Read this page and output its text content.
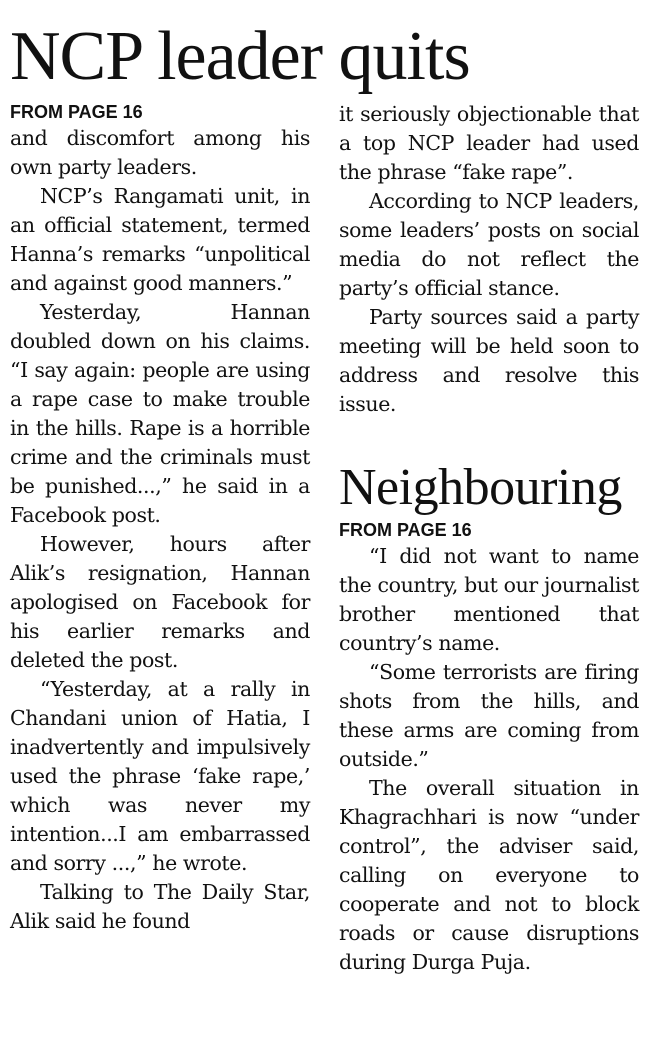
NCP leader quits
FROM PAGE 16

and discomfort among his own party leaders.

NCP’s Rangamati unit, in an official statement, termed Hanna’s remarks “unpolitical and against good manners.”

Yesterday, Hannan doubled down on his claims. “I say again: people are using a rape case to make trouble in the hills. Rape is a horrible crime and the criminals must be punished...,” he said in a Facebook post.

However, hours after Alik’s resignation, Hannan apologised on Facebook for his earlier remarks and deleted the post.

“Yesterday, at a rally in Chandani union of Hatia, I inadvertently and impulsively used the phrase ‘fake rape,’ which was never my intention...I am embarrassed and sorry ...,” he wrote.

Talking to The Daily Star, Alik said he found

it seriously objectionable that a top NCP leader had used the phrase “fake rape”.

According to NCP leaders, some leaders’ posts on social media do not reflect the party’s official stance.

Party sources said a party meeting will be held soon to address and resolve this issue.

Neighbouring
FROM PAGE 16

“I did not want to name the country, but our journalist brother mentioned that country’s name.

“Some terrorists are firing shots from the hills, and these arms are coming from outside.”

The overall situation in Khagrachhari is now “under control”, the adviser said, calling on everyone to cooperate and not to block roads or cause disruptions during Durga Puja.
